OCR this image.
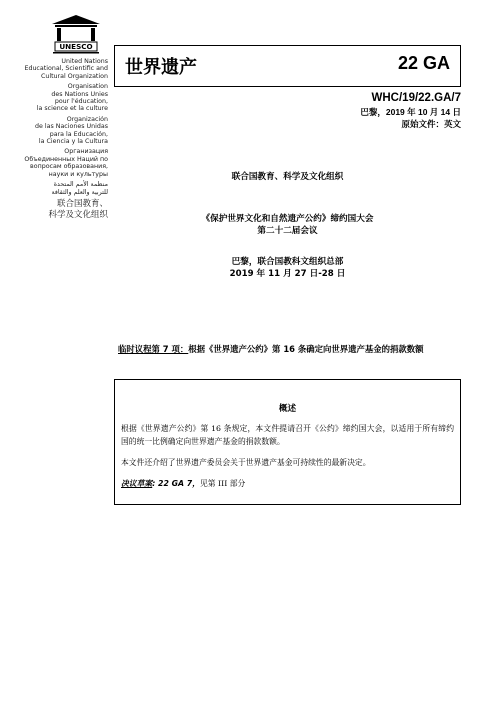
UNESCO
United Nations
Educational, Scientific and
Cultural Organization
Organisation
des Nations Unies
pour l'éducation,
la science et la culture
Organización
de las Naciones Unidas
para la Educación,
la Ciencia y la Cultura
Организация
Объединенных Наций по
вопросам образования,
науки и культуры
منظمة الأمم المتحدة
للتربية والعلم والثقافة
联合国教育、
科学及文化组织
世界遗产	22 GA
WHC/19/22.GA/7
巴黎，2019 年 10 月 14 日
原始文件：英文
联合国教育、科学及文化组织
《保护世界文化和自然遗产公约》缔约国大会
第二十二届会议
巴黎，联合国教科文组织总部
2019 年 11 月 27 日-28 日
临时议程第 7 项：根据《世界遗产公约》第 16 条确定向世界遗产基金的捐款数额
概述

根据《世界遗产公约》第 16 条规定，本文件提请召开《公约》缔约国大会，以适用于所有缔约国的统一比例确定向世界遗产基金的捐款数额。

本文件还介绍了世界遗产委员会关于世界遗产基金可持续性的最新决定。

决议草案: 22 GA 7，见第 III 部分
